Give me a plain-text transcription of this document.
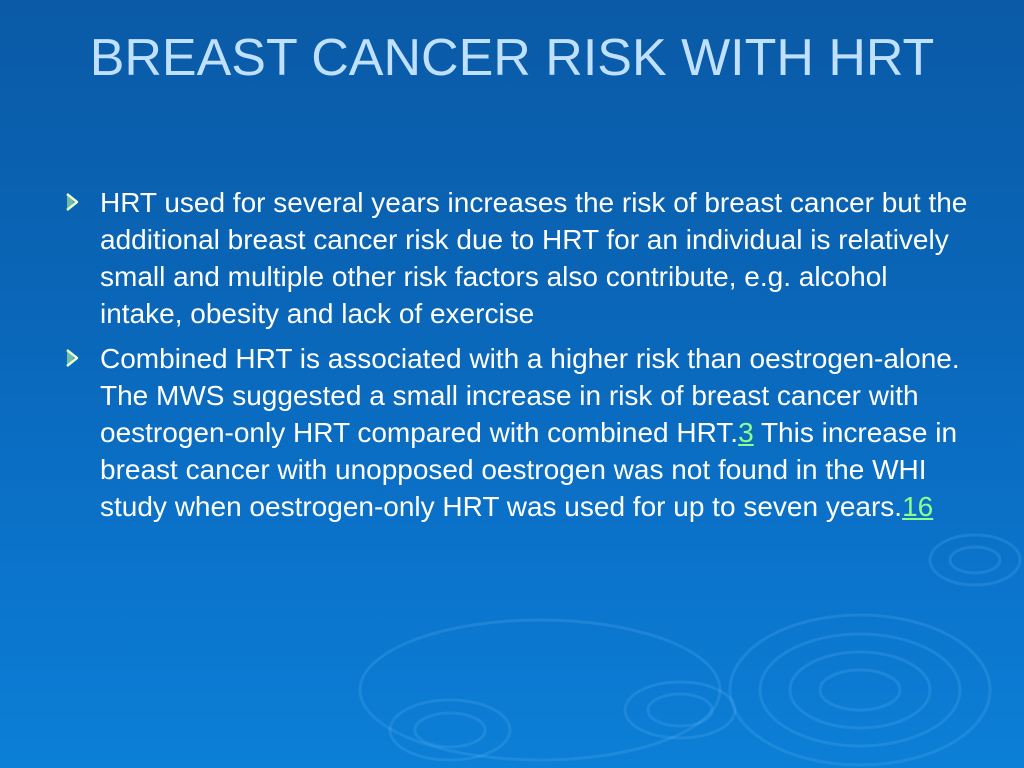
BREAST CANCER RISK WITH HRT
HRT used for several years increases the risk of breast cancer but the additional breast cancer risk due to HRT for an individual is relatively small and multiple other risk factors also contribute, e.g. alcohol intake, obesity and lack of exercise
Combined HRT is associated with a higher risk than oestrogen-alone. The MWS suggested a small increase in risk of breast cancer with oestrogen-only HRT compared with combined HRT.3 This increase in breast cancer with unopposed oestrogen was not found in the WHI study when oestrogen-only HRT was used for up to seven years.16
